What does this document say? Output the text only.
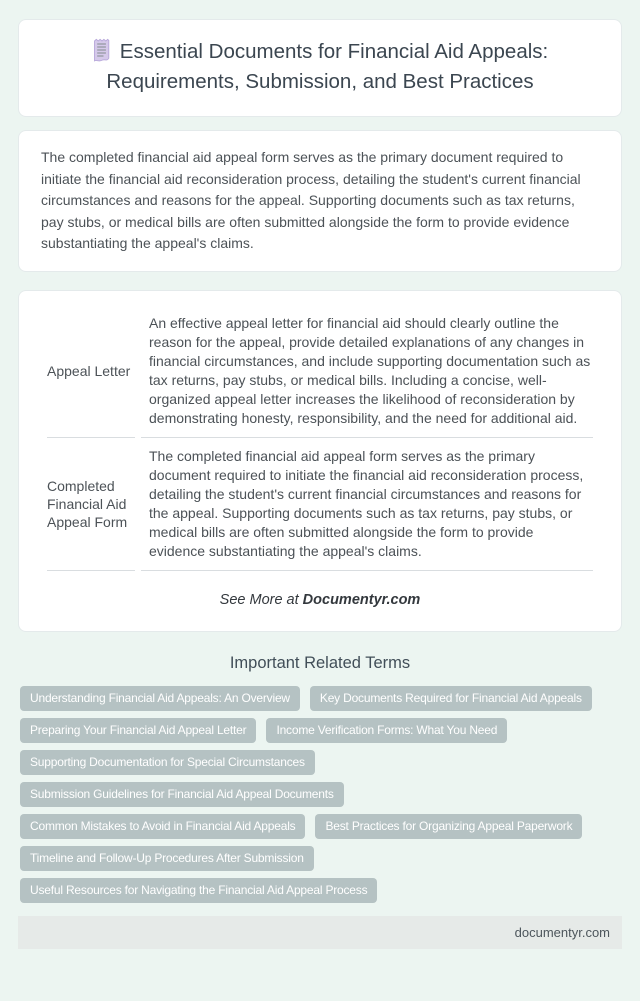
Essential Documents for Financial Aid Appeals: Requirements, Submission, and Best Practices

The completed financial aid appeal form serves as the primary document required to initiate the financial aid reconsideration process, detailing the student's current financial circumstances and reasons for the appeal. Supporting documents such as tax returns, pay stubs, or medical bills are often submitted alongside the form to provide evidence substantiating the appeal's claims.

Appeal Letter	An effective appeal letter for financial aid should clearly outline the reason for the appeal, provide detailed explanations of any changes in financial circumstances, and include supporting documentation such as tax returns, pay stubs, or medical bills. Including a concise, well-organized appeal letter increases the likelihood of reconsideration by demonstrating honesty, responsibility, and the need for additional aid.
Completed Financial Aid Appeal Form	The completed financial aid appeal form serves as the primary document required to initiate the financial aid reconsideration process, detailing the student's current financial circumstances and reasons for the appeal. Supporting documents such as tax returns, pay stubs, or medical bills are often submitted alongside the form to provide evidence substantiating the appeal's claims.

See More at Documentyr.com

Important Related Terms
Understanding Financial Aid Appeals: An Overview	Key Documents Required for Financial Aid Appeals
Preparing Your Financial Aid Appeal Letter	Income Verification Forms: What You Need
Supporting Documentation for Special Circumstances
Submission Guidelines for Financial Aid Appeal Documents
Common Mistakes to Avoid in Financial Aid Appeals	Best Practices for Organizing Appeal Paperwork
Timeline and Follow-Up Procedures After Submission
Useful Resources for Navigating the Financial Aid Appeal Process
documentyr.com
